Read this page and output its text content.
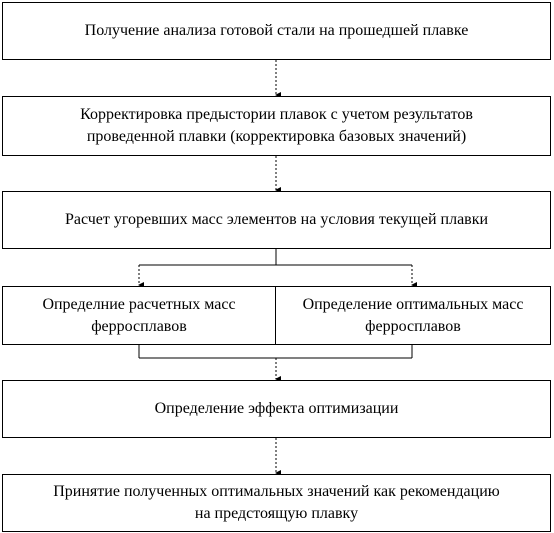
Получение анализа готовой стали на прошедшей плавке
Корректировка предыстории плавок с учетом результатов
проведенной плавки (корректировка базовых значений)
Расчет угоревших масс элементов на условия текущей плавки
Определние расчетных масс
ферросплавов
Определение оптимальных масс
ферросплавов
Определение эффекта оптимизации
Принятие полученных оптимальных значений как рекомендацию
на предстоящую плавку
